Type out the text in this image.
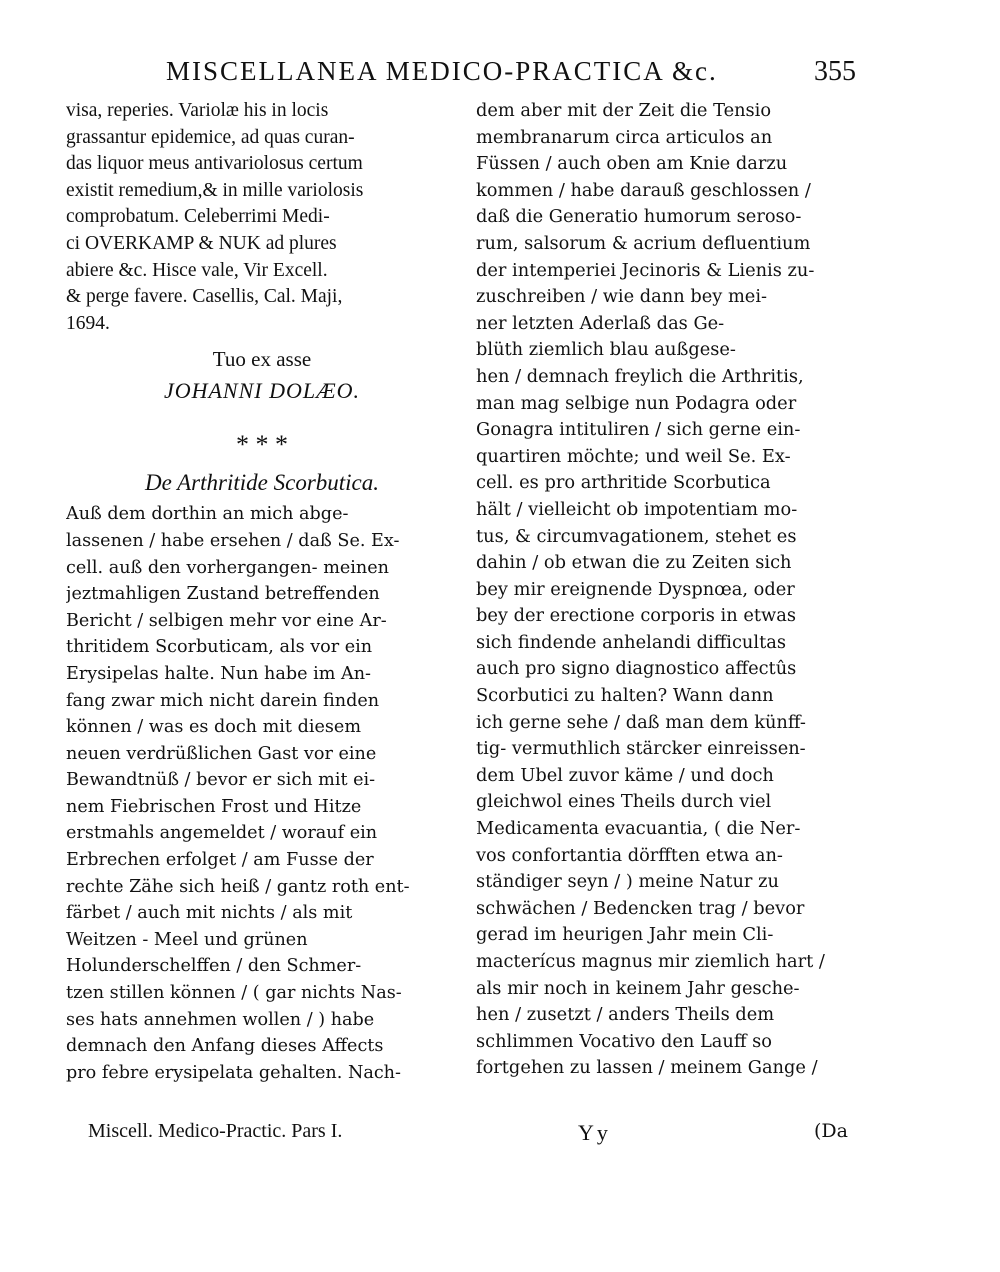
MISCELLANEA MEDICO-PRACTICA &c.	355
visa, reperies. Variolæ his in locis
grassantur epidemice, ad quas curan-
das liquor meus antivariolosus certum
existit remedium,& in mille variolosis
comprobatum. Celeberrimi Medi-
ci OVERKAMP & NUK ad plures
abiere &c. Hisce vale, Vir Excell.
& perge favere. Casellis, Cal. Maji,
1694.
Tuo ex asse
JOHANNI DOLÆO.
* * *
De Arthritide Scorbutica.
Auß dem dorthin an mich abge-
lassenen / habe ersehen / daß Se. Ex-
cell. auß den vorhergangen- meinen
jeztmahligen Zustand betreffenden
Bericht / selbigen mehr vor eine Ar-
thritidem Scorbuticam, als vor ein
Erysipelas halte. Nun habe im An-
fang zwar mich nicht darein finden
können / was es doch mit diesem
neuen verdrüßlichen Gast vor eine
Bewandtnüß / bevor er sich mit ei-
nem Fiebrischen Frost und Hitze
erstmahls angemeldet / worauf ein
Erbrechen erfolget / am Fusse der
rechte Zähe sich heiß / gantz roth ent-
färbet / auch mit nichts / als mit
Weitzen - Meel und grünen
Holunderschelffen / den Schmer-
tzen stillen können / ( gar nichts Nas-
ses hats annehmen wollen / ) habe
demnach den Anfang dieses Affects
pro febre erysipelata gehalten. Nach-
dem aber mit der Zeit die Tensio
membranarum circa articulos an
Füssen / auch oben am Knie darzu
kommen / habe darauß geschlossen /
daß die Generatio humorum seroso-
rum, salsorum & acrium defluentium
der intemperiei Jecinoris & Lienis zu-
zuschreiben / wie dann bey mei-
ner letzten Aderlaß das Ge-
blüth ziemlich blau außgese-
hen / demnach freylich die Arthritis,
man mag selbige nun Podagra oder
Gonagra intituliren / sich gerne ein-
quartiren möchte; und weil Se. Ex-
cell. es pro arthritide Scorbutica
hält / vielleicht ob impotentiam mo-
tus, & circumvagationem, stehet es
dahin / ob etwan die zu Zeiten sich
bey mir ereignende Dyspnœa, oder
bey der erectione corporis in etwas
sich findende anhelandi difficultas
auch pro signo diagnostico affectûs
Scorbutici zu halten? Wann dann
ich gerne sehe / daß man dem künff-
tig- vermuthlich stärcker einreissen-
dem Ubel zuvor käme / und doch
gleichwol eines Theils durch viel
Medicamenta evacuantia, ( die Ner-
vos confortantia dörfften etwa an-
ständiger seyn / ) meine Natur zu
schwächen / Bedencken trag / bevor
gerad im heurigen Jahr mein Cli-
macterícus magnus mir ziemlich hart /
als mir noch in keinem Jahr gesche-
hen / zusetzt / anders Theils dem
schlimmen Vocativo den Lauff so
fortgehen zu lassen / meinem Gange /
Miscell. Medico-Practic. Pars I.	Yy	(Da
